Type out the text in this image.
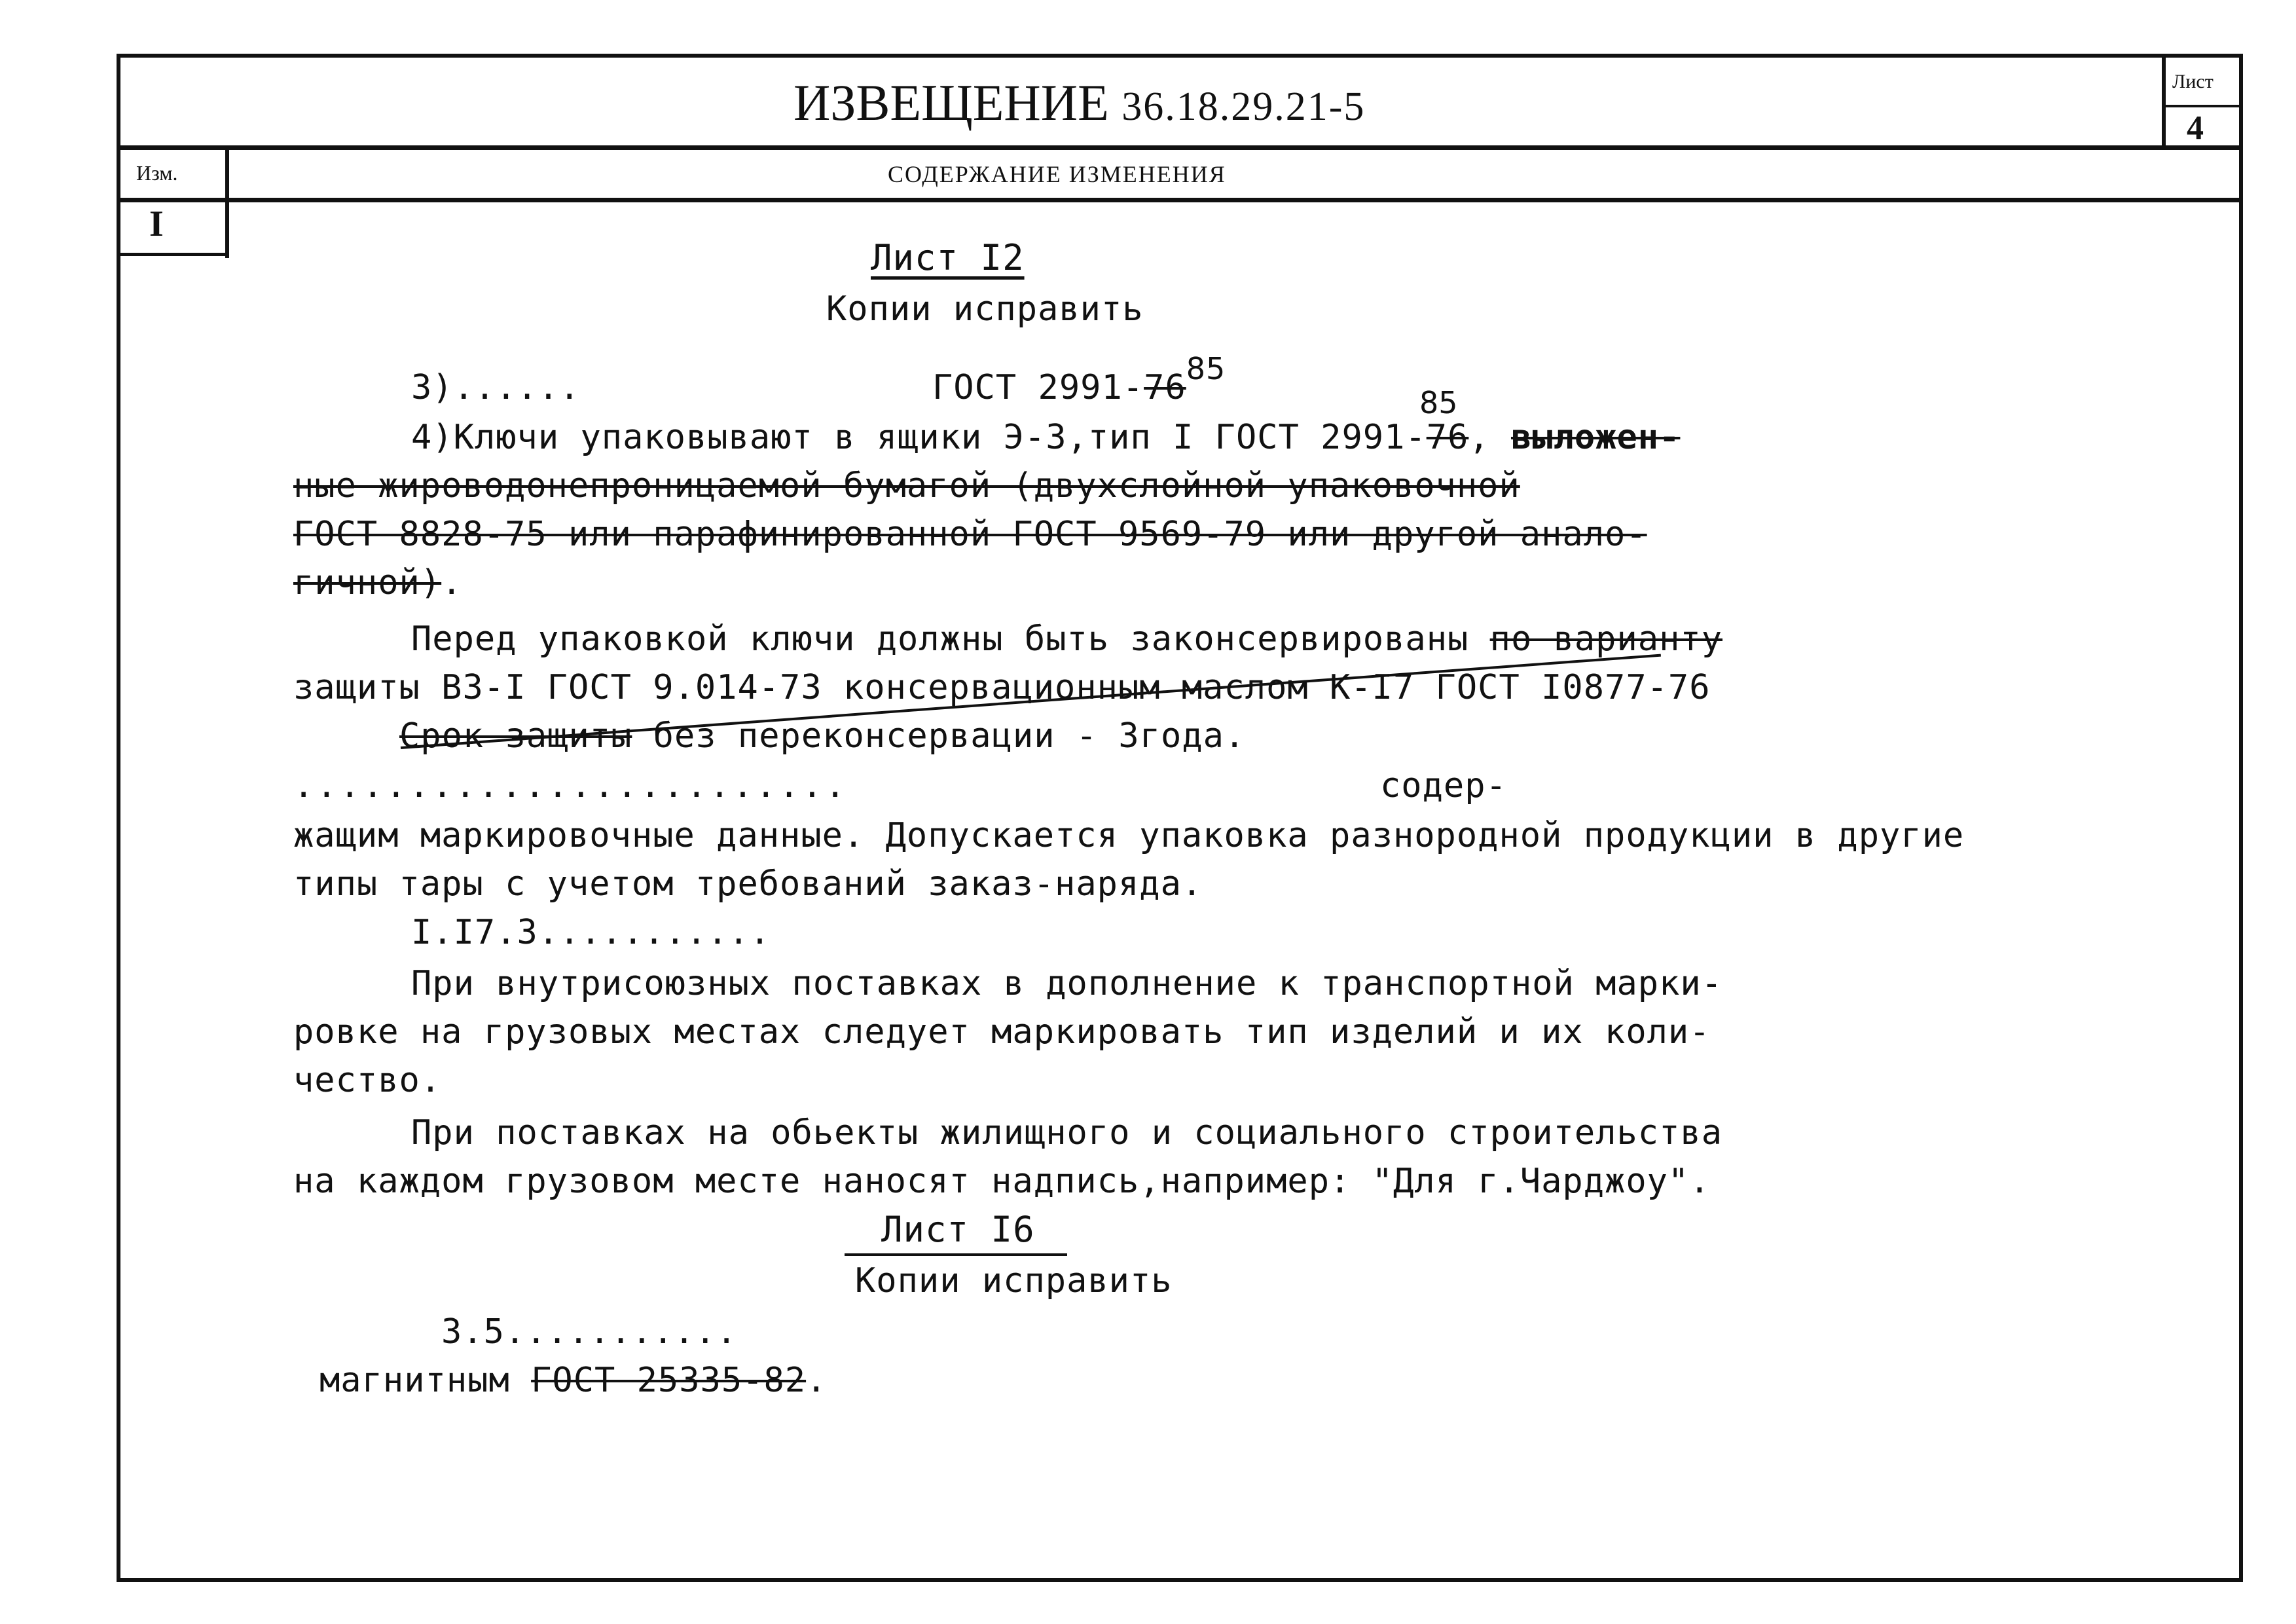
Лист
4
Изм.
I
ИЗВЕЩЕНИЕ 36.18.29.21-5
СОДЕРЖАНИЕ ИЗМЕНЕНИЯ
Лист I2
Копии исправить
3)......	ГОСТ 2991-7685
85
4)Ключи упаковывают в ящики Э-3,тип I ГОСТ 2991-76, выложен-
ные жироводонепроницаемой бумагой (двухслойной упаковочной
ГОСТ 8828-75 или парафинированной ГОСТ 9569-79 или другой анало-
гичной).
Перед упаковкой ключи должны быть законсервированы по варианту
защиты ВЗ-I ГОСТ 9.014-73 консервационным маслом К-I7 ГОСТ I0877-76
Срок защиты без переконсервации - 3года.
........................	содер-
жащим маркировочные данные. Допускается упаковка разнородной продукции в другие
типы тары с учетом требований заказ-наряда.
I.I7.3...........
При внутрисоюзных поставках в дополнение к транспортной марки-
ровке на грузовых местах следует маркировать тип изделий и их коли-
чество.
При поставках на обьекты жилищного и социального строительства
на каждом грузовом месте наносят надпись,например: "Для г.Чарджоу".
Лист I6
Копии исправить
3.5...........
магнитным ГОСТ 25335-82.
